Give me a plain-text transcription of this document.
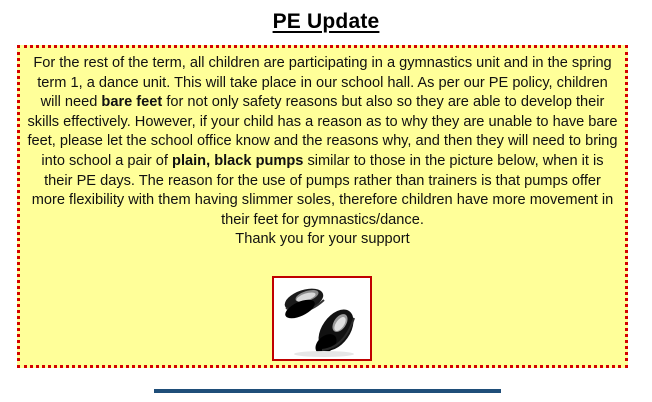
PE Update
For the rest of the term, all children are participating in a gymnastics unit and in the spring term 1, a dance unit. This will take place in our school hall. As per our PE policy, children will need bare feet for not only safety reasons but also so they are able to develop their skills effectively. However, if your child has a reason as to why they are unable to have bare feet, please let the school office know and the reasons why, and then they will need to bring into school a pair of plain, black pumps similar to those in the picture below, when it is their PE days. The reason for the use of pumps rather than trainers is that pumps offer more flexibility with them having slimmer soles, therefore children have more movement in their feet for gymnastics/dance.
Thank you for your support
